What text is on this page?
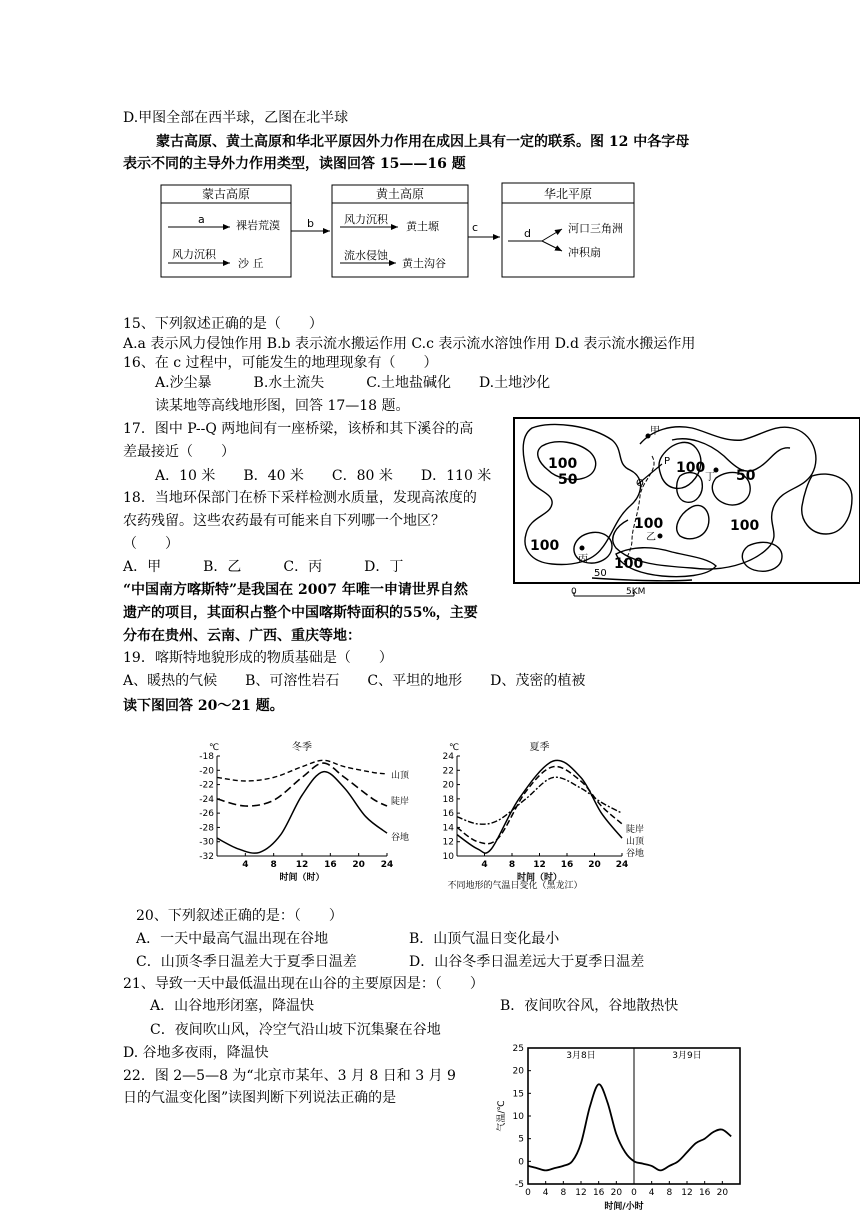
D.甲图全部在西半球，乙图在北半球
蒙古高原、黄土高原和华北平原因外力作用在成因上具有一定的联系。图 12 中各字母
表示不同的主导外力作用类型，读图回答 15——16 题
蒙古高原
a	裸岩荒漠
风力沉积
沙 丘
b
黄土高原
风力沉积
黄土塬
流水侵蚀
黄土沟谷
c
华北平原
d	河口三角洲
冲积扇
15、下列叙述正确的是（　　）
A.a 表示风力侵蚀作用 B.b 表示流水搬运作用 C.c 表示流水溶蚀作用 D.d 表示流水搬运作用
16、在 c 过程中，可能发生的地理现象有（　　）
A.沙尘暴　　　B.水土流失　　　C.土地盐碱化　　D.土地沙化
读某地等高线地形图，回答 17—18 题。
17．图中 P--Q 两地间有一座桥梁，该桥和其下溪谷的高
差最接近（　　）
A．10 米　　B．40 米　　C．80 米　　D．110 米
18．当地环保部门在桥下采样检测水质量，发现高浓度的
农药残留。这些农药最有可能来自下列哪一个地区？
（　　）
A．甲　　　B．乙　　　C．丙　　　D．丁
“中国南方喀斯特”是我国在 2007 年唯一申请世界自然
遗产的项目，其面积占整个中国喀斯特面积的55%，主要
分布在贵州、云南、广西、重庆等地：
100
50
100 50
100	100
100
100
甲
P
Q
丁
乙
丙
50
0	5KM
19．喀斯特地貌形成的物质基础是（　　）
A、暖热的气候　　B、可溶性岩石　　C、平坦的地形　　D、茂密的植被
读下图回答 20～21 题。
℃	冬季
-18
-20
-22
-24
-26
-28
-30
-32
4 8 12 16 20 24
时间（时）
山顶
陡岸
谷地
℃	夏季
24
22
20
18
16
14
12
10
4 8 12 16 20 24
时间（时）
陡岸
山顶
谷地
不同地形的气温日变化（黑龙江）
20、下列叙述正确的是：（　　）
A．一天中最高气温出现在谷地	B．山顶气温日变化最小
C．山顶冬季日温差大于夏季日温差	D．山谷冬季日温差远大于夏季日温差
21、导致一天中最低温出现在山谷的主要原因是：（　　）
A．山谷地形闭塞，降温快	B．夜间吹谷风，谷地散热快
C．夜间吹山风，冷空气沿山坡下沉集聚在谷地
D. 谷地多夜雨，降温快
22．图 2—5—8 为“北京市某年、3 月 8 日和 3 月 9
日的气温变化图”读图判断下列说法正确的是
3月8日	3月9日
25
20
15
10
5
0
-5
0 4 8 12 16 20 0 4 8 12 16 20
时间/小时
气温/℃
